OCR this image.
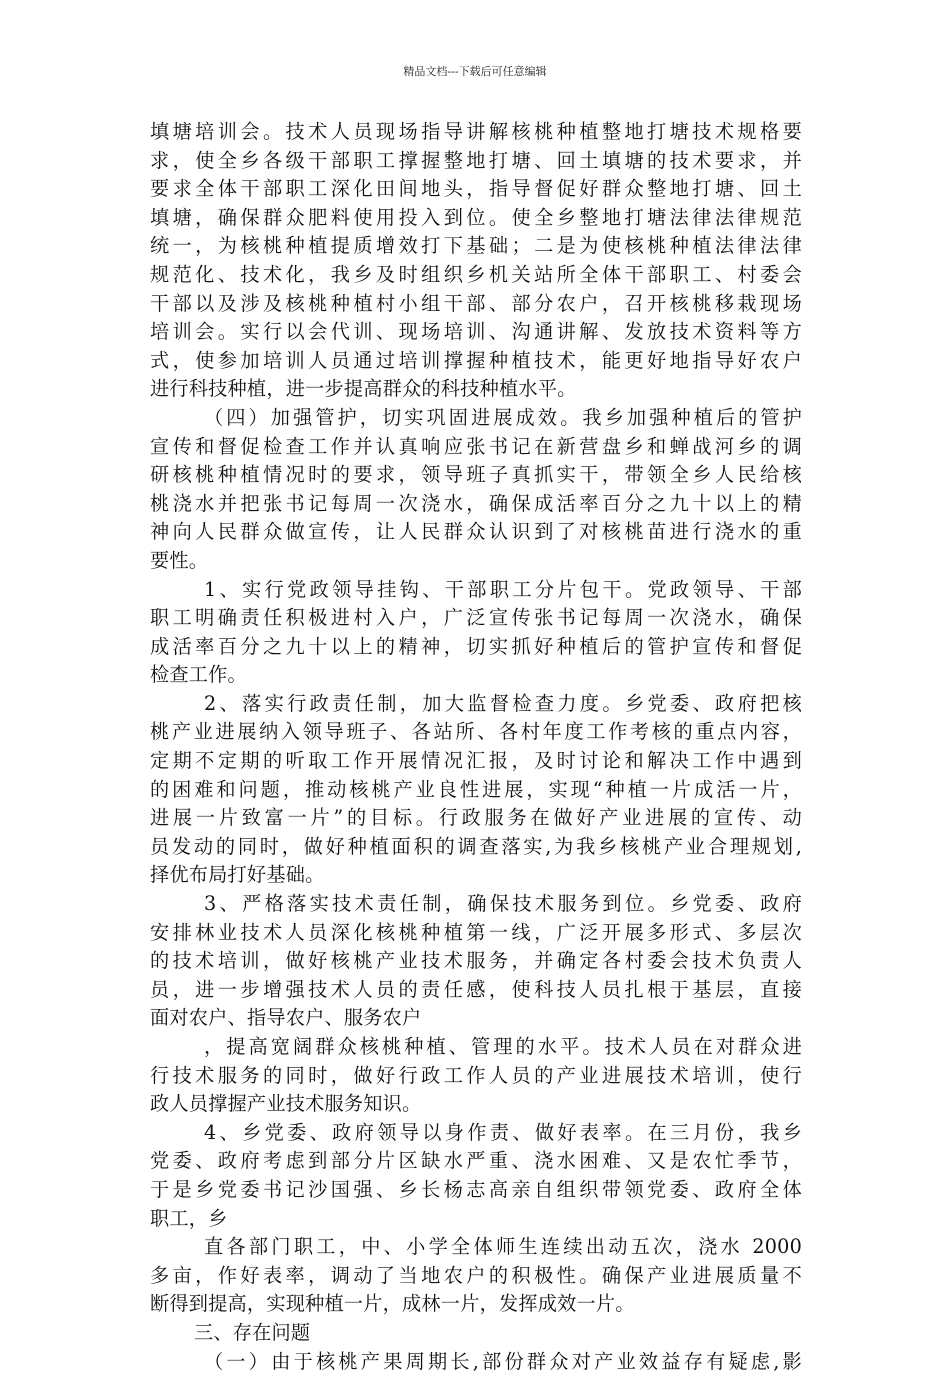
精品文档---下载后可任意编辑
填塘培训会。技术人员现场指导讲解核桃种植整地打塘技术规格要
求，使全乡各级干部职工撑握整地打塘、回土填塘的技术要求，并
要求全体干部职工深化田间地头，指导督促好群众整地打塘、回土
填塘，确保群众肥料使用投入到位。使全乡整地打塘法律法律规范
统一，为核桃种植提质增效打下基础；二是为使核桃种植法律法律
规范化、技术化，我乡及时组织乡机关站所全体干部职工、村委会
干部以及涉及核桃种植村小组干部、部分农户，召开核桃移栽现场
培训会。实行以会代训、现场培训、沟通讲解、发放技术资料等方
式，使参加培训人员通过培训撑握种植技术，能更好地指导好农户
进行科技种植，进一步提高群众的科技种植水平。
（四）加强管护，切实巩固进展成效。我乡加强种植后的管护
宣传和督促检查工作并认真响应张书记在新营盘乡和蝉战河乡的调
研核桃种植情况时的要求，领导班子真抓实干，带领全乡人民给核
桃浇水并把张书记每周一次浇水，确保成活率百分之九十以上的精
神向人民群众做宣传，让人民群众认识到了对核桃苗进行浇水的重
要性。
1、实行党政领导挂钩、干部职工分片包干。党政领导、干部
职工明确责任积极进村入户，广泛宣传张书记每周一次浇水，确保
成活率百分之九十以上的精神，切实抓好种植后的管护宣传和督促
检查工作。
2、落实行政责任制，加大监督检查力度。乡党委、政府把核
桃产业进展纳入领导班子、各站所、各村年度工作考核的重点内容，
定期不定期的听取工作开展情况汇报，及时讨论和解决工作中遇到
的困难和问题，推动核桃产业良性进展，实现“种植一片成活一片，
进展一片致富一片”的目标。行政服务在做好产业进展的宣传、动
员发动的同时，做好种植面积的调查落实,为我乡核桃产业合理规划,
择优布局打好基础。
3、严格落实技术责任制，确保技术服务到位。乡党委、政府
安排林业技术人员深化核桃种植第一线，广泛开展多形式、多层次
的技术培训，做好核桃产业技术服务，并确定各村委会技术负责人
员，进一步增强技术人员的责任感，使科技人员扎根于基层，直接
面对农户、指导农户、服务农户
，提高宽阔群众核桃种植、管理的水平。技术人员在对群众进
行技术服务的同时，做好行政工作人员的产业进展技术培训，使行
政人员撑握产业技术服务知识。
4、乡党委、政府领导以身作责、做好表率。在三月份，我乡
党委、政府考虑到部分片区缺水严重、浇水困难、又是农忙季节，
于是乡党委书记沙国强、乡长杨志高亲自组织带领党委、政府全体
职工，乡
直各部门职工，中、小学全体师生连续出动五次，浇水 2000
多亩，作好表率，调动了当地农户的积极性。确保产业进展质量不
断得到提高，实现种植一片，成林一片，发挥成效一片。
三、存在问题
（一）由于核桃产果周期长,部份群众对产业效益存有疑虑,影
